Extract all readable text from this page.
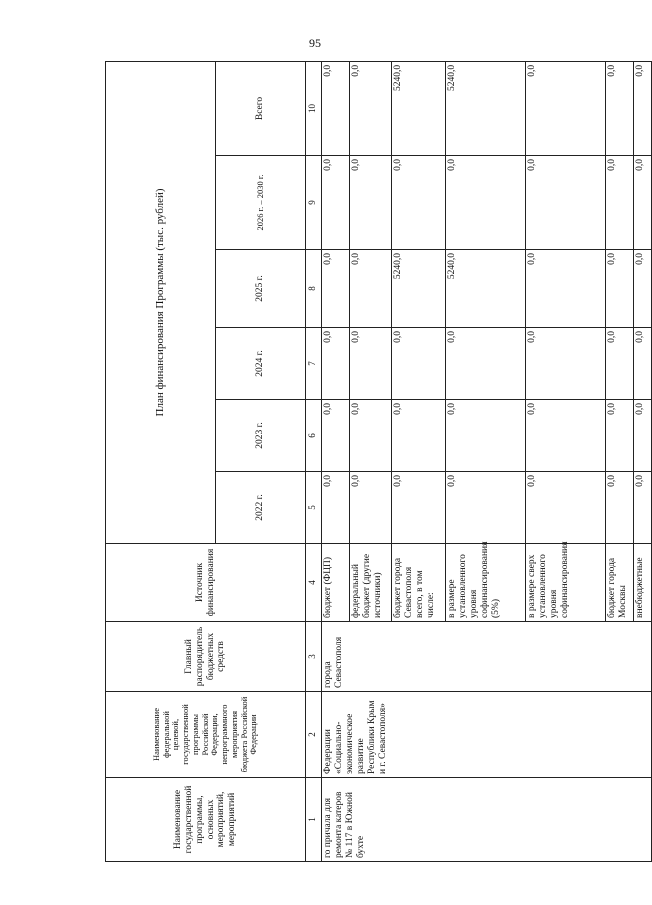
95
Наименование государственной программы, основных мероприятий, мероприятий	Наименование федеральной целевой, государственной программы Российской Федерации, непрограммного мероприятия бюджета Российской Федерации	Главный распорядитель бюджетных средств	Источник финансирования	План финансирования Программы (тыс. рублей)					
				2022 г.	2023 г.	2024 г.	2025 г.	2026 г. – 2030 г.	Всего
1	2	3	4	5	6	7	8	9	10
го причала для ремонта катеров № 117 в Южной бухте	Федерации «Социально-экономическое развитие Республики Крым и г. Севастополя»	города Севастополя	бюджет (ФЦП)	0,0	0,0	0,0	0,0	0,0	0,0
			федеральный бюджет (другие источники)	0,0	0,0	0,0	0,0	0,0	0,0
			бюджет города Севастополя всего, в том числе:	0,0	0,0	0,0	5240,0	0,0	5240,0
			в размере установленного уровня софинансирования (5%)	0,0	0,0	0,0	5240,0	0,0	5240,0
			в размере сверх установленного уровня софинансирования	0,0	0,0	0,0	0,0	0,0	0,0
			бюджет города Москвы	0,0	0,0	0,0	0,0	0,0	0,0
			внебюджетные	0,0	0,0	0,0	0,0	0,0	0,0
